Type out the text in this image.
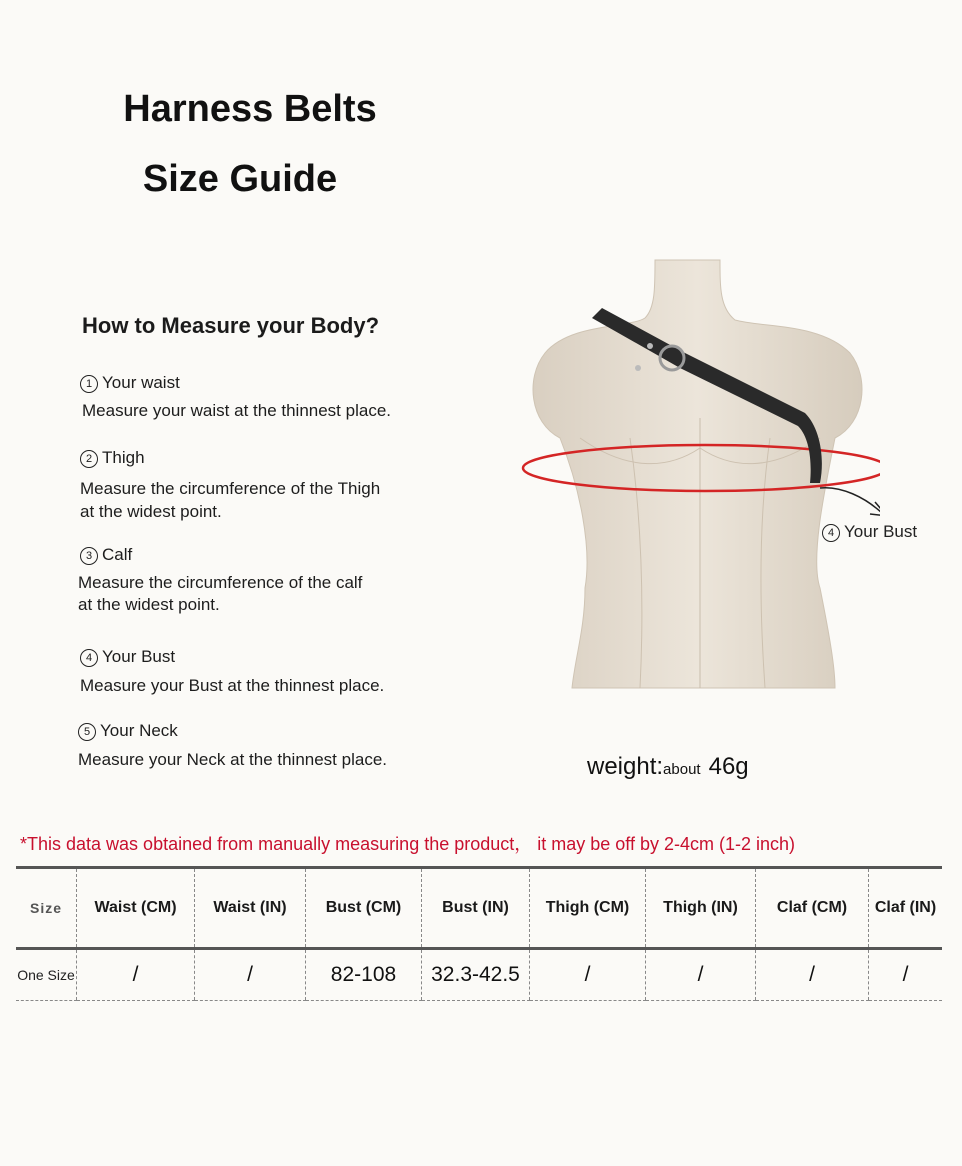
Harness Belts
Size Guide
How to Measure your Body?
1 Your waist
Measure your waist at the thinnest place.
2 Thigh
Measure the circumference of the Thigh
at the widest point.
3 Calf
Measure the circumference of the calf
at the widest point.
4 Your Bust
Measure your Bust at the thinnest place.
5 Your Neck
Measure your Neck at the thinnest place.
4 Your Bust
weight:about 46g
*This data was obtained from manually measuring the product， it may be off by 2-4cm (1-2 inch)
Size	Waist (CM)	Waist (IN)	Bust (CM)	Bust (IN)	Thigh (CM)	Thigh (IN)	Claf (CM)	Claf (IN)
One Size	/	/	82-108	32.3-42.5	/	/	/	/
